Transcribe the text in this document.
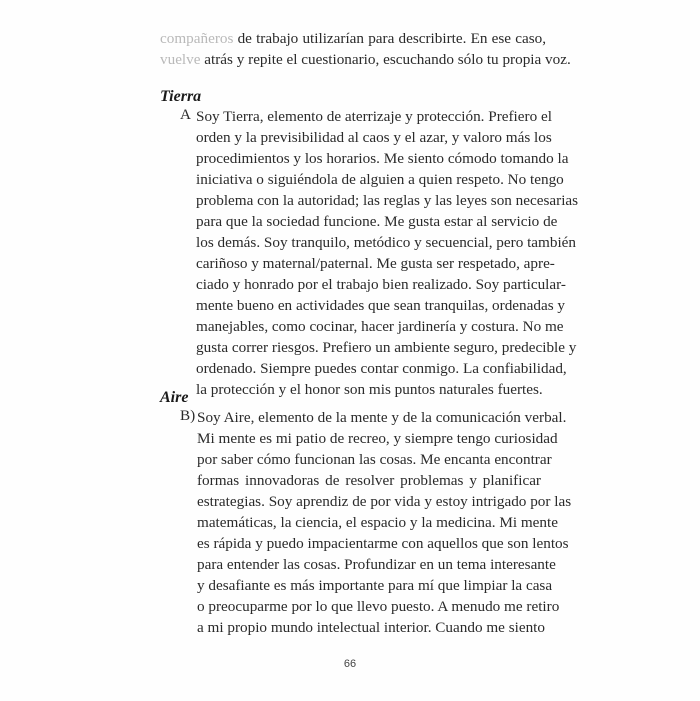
compañeros de trabajo utilizarían para describirte. En ese caso,
vuelve atrás y repite el cuestionario, escuchando sólo tu propia voz.
Tierra
A Soy Tierra, elemento de aterrizaje y protección. Prefiero el
orden y la previsibilidad al caos y el azar, y valoro más los
procedimientos y los horarios. Me siento cómodo tomando la
iniciativa o siguiéndola de alguien a quien respeto. No tengo
problema con la autoridad; las reglas y las leyes son necesarias
para que la sociedad funcione. Me gusta estar al servicio de
los demás. Soy tranquilo, metódico y secuencial, pero también
cariñoso y maternal/paternal. Me gusta ser respetado, apre-
ciado y honrado por el trabajo bien realizado. Soy particular-
mente bueno en actividades que sean tranquilas, ordenadas y
manejables, como cocinar, hacer jardinería y costura. No me
gusta correr riesgos. Prefiero un ambiente seguro, predecible y
ordenado. Siempre puedes contar conmigo. La confiabilidad,
la protección y el honor son mis puntos naturales fuertes.
Aire
B) Soy Aire, elemento de la mente y de la comunicación verbal.
Mi mente es mi patio de recreo, y siempre tengo curiosidad
por saber cómo funcionan las cosas. Me encanta encontrar
formas innovadoras de resolver problemas y planificar
estrategias. Soy aprendiz de por vida y estoy intrigado por las
matemáticas, la ciencia, el espacio y la medicina. Mi mente
es rápida y puedo impacientarme con aquellos que son lentos
para entender las cosas. Profundizar en un tema interesante
y desafiante es más importante para mí que limpiar la casa
o preocuparme por lo que llevo puesto. A menudo me retiro
a mi propio mundo intelectual interior. Cuando me siento
66
